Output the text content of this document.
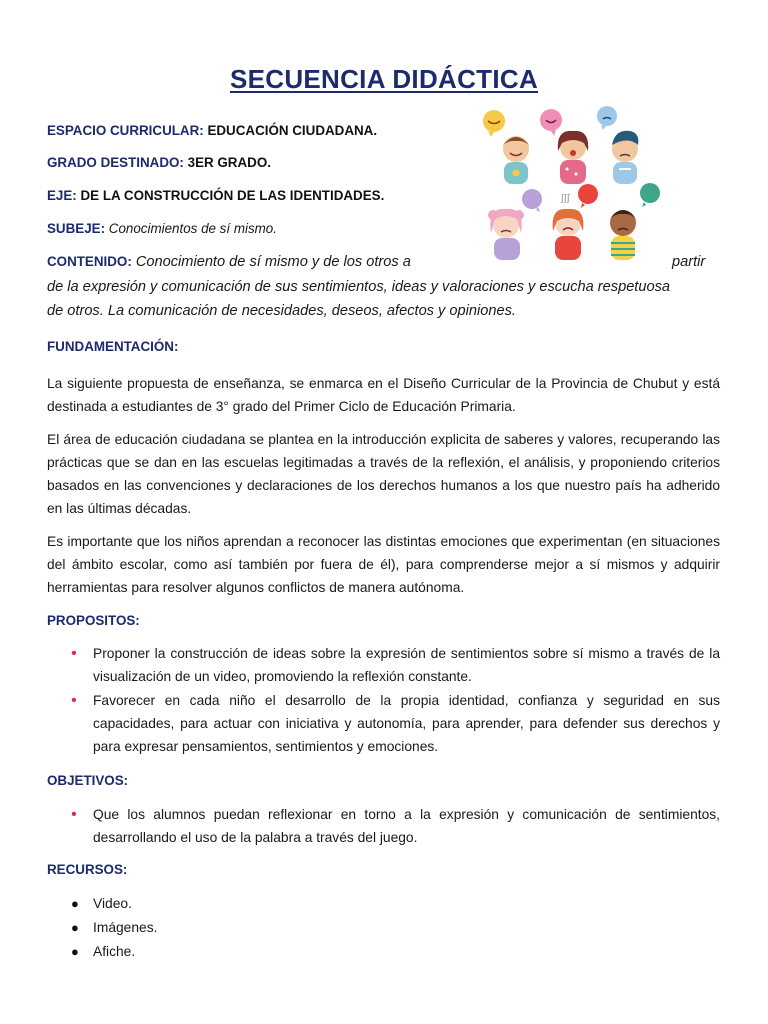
SECUENCIA DIDÁCTICA
ESPACIO CURRICULAR: EDUCACIÓN CIUDADANA.
GRADO DESTINADO: 3ER GRADO.
EJE: DE LA CONSTRUCCIÓN DE LAS IDENTIDADES.
SUBEJE: Conocimientos de sí mismo.
CONTENIDO: Conocimiento de sí mismo y de los otros a	partir
de la expresión y comunicación de sus sentimientos, ideas y valoraciones y escucha respetuosa
de otros. La comunicación de necesidades, deseos, afectos y opiniones.
FUNDAMENTACIÓN:
La siguiente propuesta de enseñanza, se enmarca en el Diseño Curricular de la Provincia de Chubut y está destinada a estudiantes de 3° grado del Primer Ciclo de Educación Primaria.
El área de educación ciudadana se plantea en la introducción explicita de saberes y valores, recuperando las prácticas que se dan en las escuelas legitimadas a través de la reflexión, el análisis, y proponiendo criterios basados en las convenciones y declaraciones de los derechos humanos a los que nuestro país ha adherido en las últimas décadas.
Es importante que los niños aprendan a reconocer las distintas emociones que experimentan (en situaciones del ámbito escolar, como así también por fuera de él), para comprenderse mejor a sí mismos y adquirir herramientas para resolver algunos conflictos de manera autónoma.
PROPOSITOS:
• Proponer la construcción de ideas sobre la expresión de sentimientos sobre sí mismo a través de la visualización de un video, promoviendo la reflexión constante.
• Favorecer en cada niño el desarrollo de la propia identidad, confianza y seguridad en sus capacidades, para actuar con iniciativa y autonomía, para aprender, para defender sus derechos y para expresar pensamientos, sentimientos y emociones.
OBJETIVOS:
• Que los alumnos puedan reflexionar en torno a la expresión y comunicación de sentimientos, desarrollando el uso de la palabra a través del juego.
RECURSOS:
● Video.
● Imágenes.
● Afiche.
ʃʃʃ
